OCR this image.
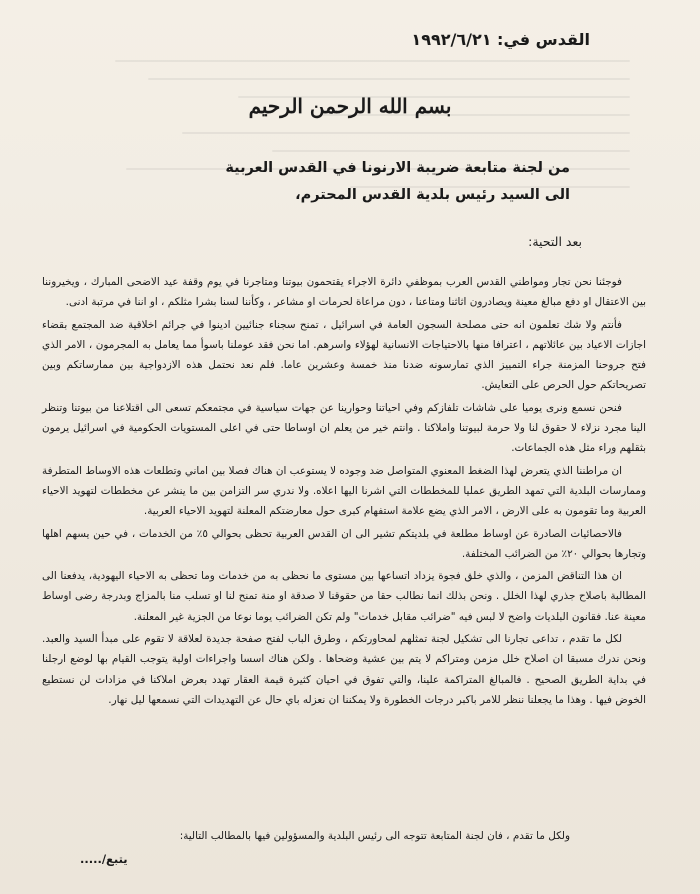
القدس في: ١٩٩٢/٦/٢١
بسم الله الرحمن الرحيم
من لجنة متابعة ضريبة الارنونا في القدس العربية
الى السيد رئيس بلدية القدس المحترم،
بعد التحية:

فوجئنا نحن تجار ومواطني القدس العرب بموظفي دائرة الاجراء يقتحمون بيوتنا ومتاجرنا في يوم وقفة عيد الاضحى المبارك ، ويخيروننا بين الاعتقال او دفع مبالغ معينة ويصادرون اثاثنا ومتاعنا ، دون مراعاة لحرمات او مشاعر ، وكأننا لسنا بشرا مثلكم ، او اننا في مرتبة ادنى.

فأنتم ولا شك تعلمون انه حتى مصلحة السجون العامة في اسرائيل ، تمنح سجناء جنائيين ادينوا في جرائم اخلاقية ضد المجتمع بقضاء اجازات الاعياد بين عائلاتهم ، اعترافا منها بالاحتياجات الانسانية لهؤلاء واسرهم. اما نحن فقد عوملنا باسوأ مما يعامل به المجرمون ، الامر الذي فتح جروحنا المزمنة جراء التمييز الذي تمارسونه ضدنا منذ خمسة وعشرين عاما. فلم نعد نحتمل هذه الازدواجية بين ممارساتكم وبين تصريحاتكم حول الحرص على التعايش.

فنحن نسمع ونرى يوميا على شاشات تلفازكم وفي احياتنا وحوارينا عن جهات سياسية في مجتمعكم تسعى الى اقتلاعنا من بيوتنا وتنظر الينا مجرد نزلاء لا حقوق لنا ولا حرمة لبيوتنا واملاكنا . وانتم خير من يعلم ان اوساطا حتى في اعلى المستويات الحكومية في اسرائيل يرمون بثقلهم وراء مثل هذه الجماعات.

ان مراطننا الذي يتعرض لهذا الضغط المعنوي المتواصل ضد وجوده لا يستوعب ان هناك فصلا بين اماني وتطلعات هذه الاوساط المتطرفة وممارسات البلدية التي تمهد الطريق عمليا للمخططات التي اشرنا اليها اعلاه. ولا ندري سر التزامن بين ما ينشر عن مخططات لتهويد الاحياء العربية وما تقومون به على الارض ، الامر الذي يضع علامة استفهام كبرى حول معارضتكم المعلنة لتهويد الاحياء العربية.

فالاحصائيات الصادرة عن اوساط مطلعة في بلديتكم تشير الى ان القدس العربية تحظى بحوالي ٥٪ من الخدمات ، في حين يسهم اهلها وتجارها بحوالي ٢٠٪ من الضرائب المختلفة.

ان هذا التناقض المزمن ، والذي خلق فجوة يزداد اتساعها بين مستوى ما نحظى به من خدمات وما تحظى به الاحياء اليهودية، يدفعنا الى المطالبة باصلاح جذري لهذا الخلل . ونحن بذلك انما نطالب حقا من حقوقنا لا صدقة او منة تمنح لنا او تسلب منا بالمزاج وبدرجة رضى اوساط معينة عنا. فقانون البلديات واضح لا لبس فيه "ضرائب مقابل خدمات" ولم تكن الضرائب يوما نوعا من الجزية غير المعلنة.

لكل ما تقدم ، تداعى تجارنا الى تشكيل لجنة تمثلهم لمحاورتكم ، وطرق الباب لفتح صفحة جديدة لعلاقة لا تقوم على مبدأ السيد والعبد. ونحن ندرك مسبقا ان اصلاح خلل مزمن ومتراكم لا يتم بين عشية وضحاها . ولكن هناك اسسا واجراءات اولية يتوجب القيام بها لوضع ارجلنا في بداية الطريق الصحيح . فالمبالغ المتراكمة علينا، والتي تفوق في احيان كثيرة قيمة العقار تهدد بعرض املاكنا في مزادات لن نستطيع الخوض فيها . وهذا ما يجعلنا ننظر للامر باكبر درجات الخطورة ولا يمكننا ان نعزله باي حال عن التهديدات التي نسمعها ليل نهار.

ولكل ما تقدم ، فان لجنة المتابعة تتوجه الى رئيس البلدية والمسؤولين فيها بالمطالب التالية:
يتبع/.....
